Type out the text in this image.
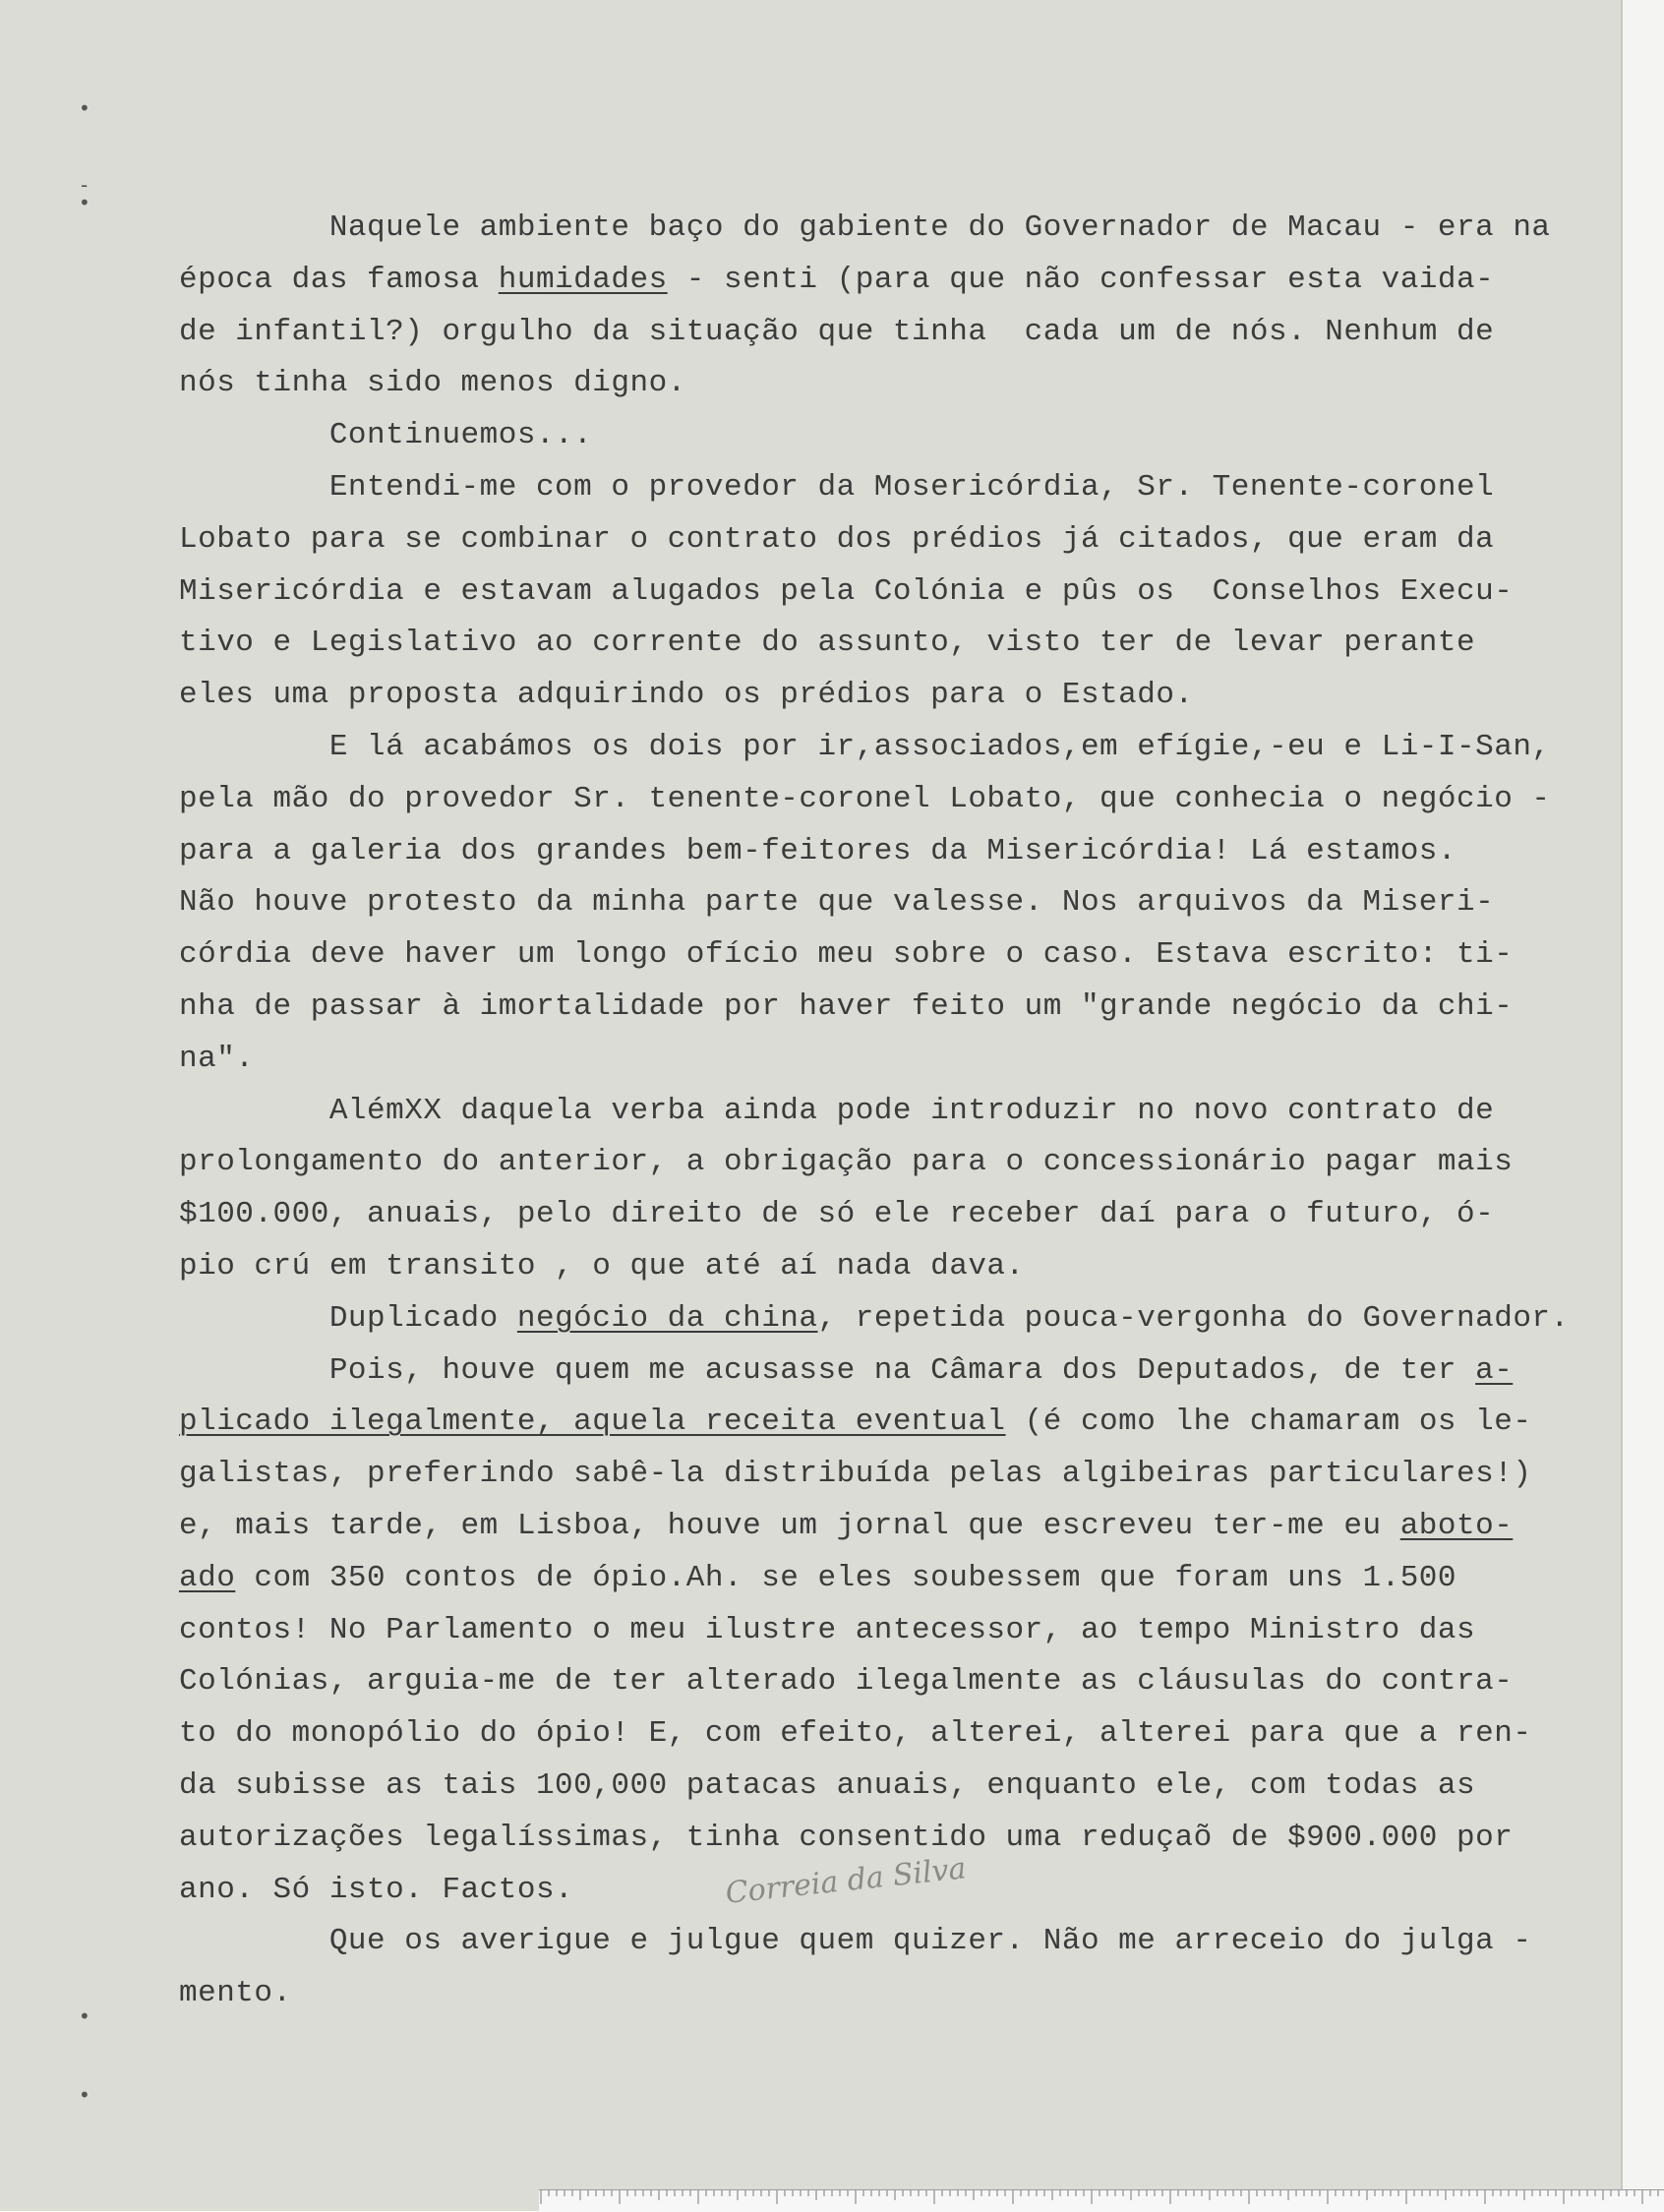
•
-
•
•
•
Naquele ambiente baço do gabiente do Governador de Macau - era na
época das famosa humidades - senti (para que não confessar esta vaida-
de infantil?) orgulho da situação que tinha  cada um de nós. Nenhum de
nós tinha sido menos digno.
Continuemos...
Entendi-me com o provedor da Mosericórdia, Sr. Tenente-coronel
Lobato para se combinar o contrato dos prédios já citados, que eram da
Misericórdia e estavam alugados pela Colónia e pûs os  Conselhos Execu-
tivo e Legislativo ao corrente do assunto, visto ter de levar perante
eles uma proposta adquirindo os prédios para o Estado.
E lá acabámos os dois por ir,associados,em efígie,-eu e Li-I-San,
pela mão do provedor Sr. tenente-coronel Lobato, que conhecia o negócio -
para a galeria dos grandes bem-feitores da Misericórdia! Lá estamos.
Não houve protesto da minha parte que valesse. Nos arquivos da Miseri-
córdia deve haver um longo ofício meu sobre o caso. Estava escrito: ti-
nha de passar à imortalidade por haver feito um "grande negócio da chi-
na".
AlémXX daquela verba ainda pode introduzir no novo contrato de
prolongamento do anterior, a obrigação para o concessionário pagar mais
$100.000, anuais, pelo direito de só ele receber daí para o futuro, ó-
pio crú em transito , o que até aí nada dava.
Duplicado negócio da china, repetida pouca-vergonha do Governador.
Pois, houve quem me acusasse na Câmara dos Deputados, de ter a-
plicado ilegalmente, aquela receita eventual (é como lhe chamaram os le-
galistas, preferindo sabê-la distribuída pelas algibeiras particulares!)
e, mais tarde, em Lisboa, houve um jornal que escreveu ter-me eu aboto-
ado com 350 contos de ópio.Ah. se eles soubessem que foram uns 1.500
contos! No Parlamento o meu ilustre antecessor, ao tempo Ministro das
Colónias, arguia-me de ter alterado ilegalmente as cláusulas do contra-
to do monopólio do ópio! E, com efeito, alterei, alterei para que a ren-
da subisse as tais 100,000 patacas anuais, enquanto ele, com todas as
autorizações legalíssimas, tinha consentido uma reduçaõ de $900.000 por
ano. Só isto. Factos.
Que os averigue e julgue quem quizer. Não me arreceio do julga -
mento.
Correia da Silva
